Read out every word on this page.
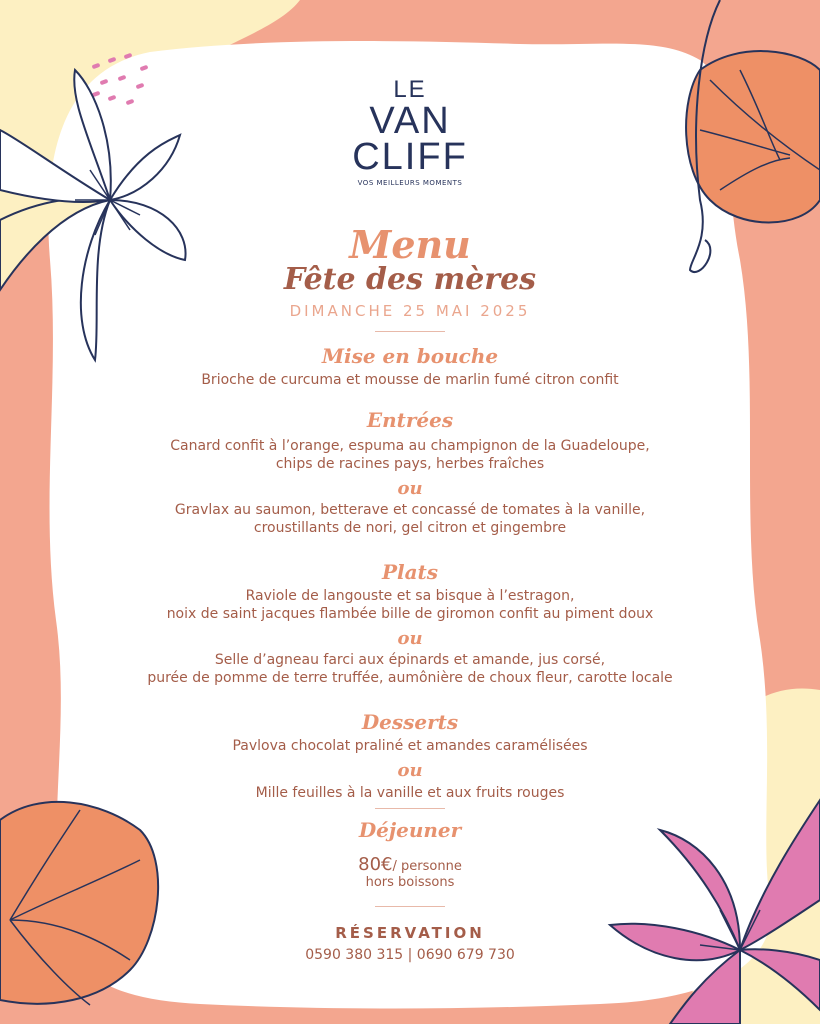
LE
VAN
CLIFF
VOS MEILLEURS MOMENTS
Menu
Fête des mères
DIMANCHE 25 MAI 2025
Mise en bouche
Brioche de curcuma et mousse de marlin fumé citron confit
Entrées
Canard confit à l’orange, espuma au champignon de la Guadeloupe,
chips de racines pays, herbes fraîches
ou
Gravlax au saumon, betterave et concassé de tomates à la vanille,
croustillants de nori, gel citron et gingembre
Plats
Raviole de langouste et sa bisque à l’estragon,
noix de saint jacques flambée bille de giromon confit au piment doux
ou
Selle d’agneau farci aux épinards et amande, jus corsé,
purée de pomme de terre truffée, aumônière de choux fleur, carotte locale
Desserts
Pavlova chocolat praliné et amandes caramélisées
ou
Mille feuilles à la vanille et aux fruits rouges
Déjeuner
80€/ personne
hors boissons
RÉSERVATION
0590 380 315 | 0690 679 730
